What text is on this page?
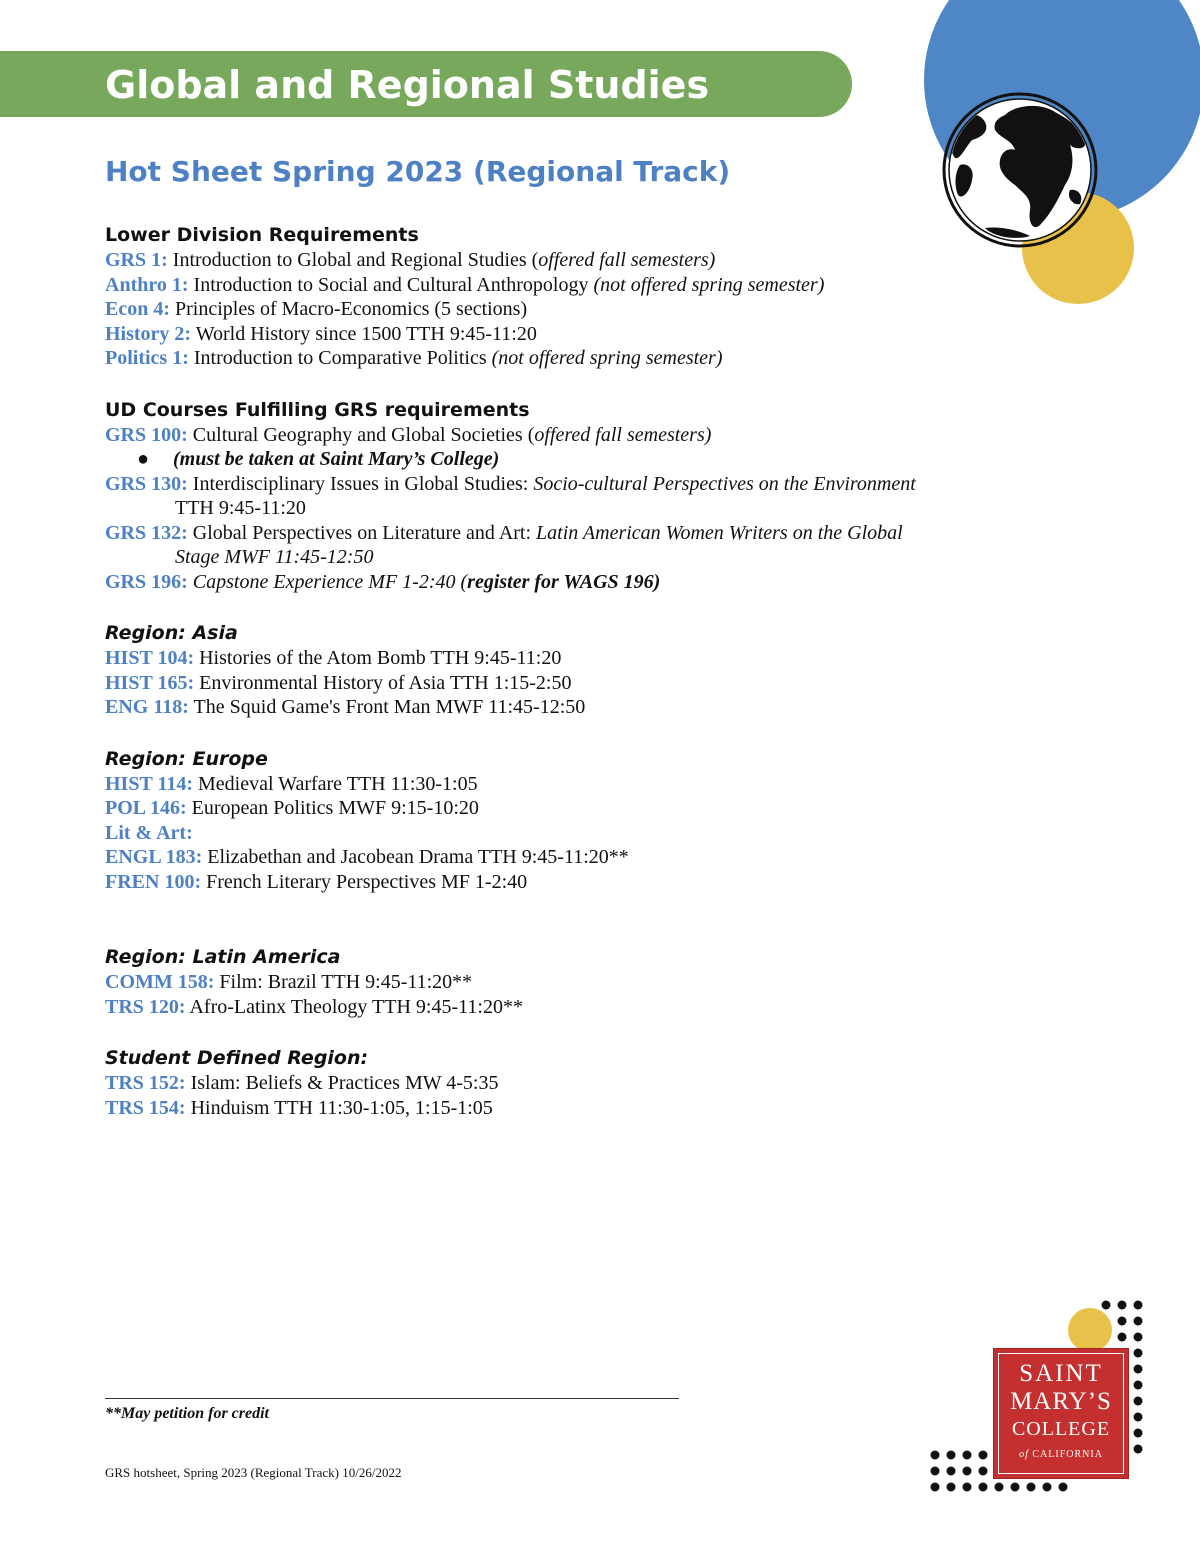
Global and Regional Studies
Hot Sheet Spring 2023 (Regional Track)
Lower Division Requirements
GRS 1: Introduction to Global and Regional Studies (offered fall semesters)
Anthro 1: Introduction to Social and Cultural Anthropology (not offered spring semester)
Econ 4: Principles of Macro-Economics (5 sections)
History 2: World History since 1500 TTH 9:45-11:20
Politics 1: Introduction to Comparative Politics (not offered spring semester)
UD Courses Fulfilling GRS requirements
GRS 100: Cultural Geography and Global Societies (offered fall semesters)
● (must be taken at Saint Mary’s College)
GRS 130: Interdisciplinary Issues in Global Studies: Socio-cultural Perspectives on the Environment
TTH 9:45-11:20
GRS 132: Global Perspectives on Literature and Art: Latin American Women Writers on the Global
Stage MWF 11:45-12:50
GRS 196: Capstone Experience MF 1-2:40 (register for WAGS 196)
Region: Asia
HIST 104: Histories of the Atom Bomb TTH 9:45-11:20
HIST 165: Environmental History of Asia TTH 1:15-2:50
ENG 118: The Squid Game's Front Man MWF 11:45-12:50
Region: Europe
HIST 114: Medieval Warfare TTH 11:30-1:05
POL 146: European Politics MWF 9:15-10:20
Lit & Art:
ENGL 183: Elizabethan and Jacobean Drama TTH 9:45-11:20**
FREN 100: French Literary Perspectives MF 1-2:40
Region: Latin America
COMM 158: Film: Brazil TTH 9:45-11:20**
TRS 120: Afro-Latinx Theology TTH 9:45-11:20**
Student Defined Region:
TRS 152: Islam: Beliefs & Practices MW 4-5:35
TRS 154: Hinduism TTH 11:30-1:05, 1:15-1:05
**May petition for credit
GRS hotsheet, Spring 2023 (Regional Track) 10/26/2022
SAINT
MARY’S
COLLEGE
of CALIFORNIA
